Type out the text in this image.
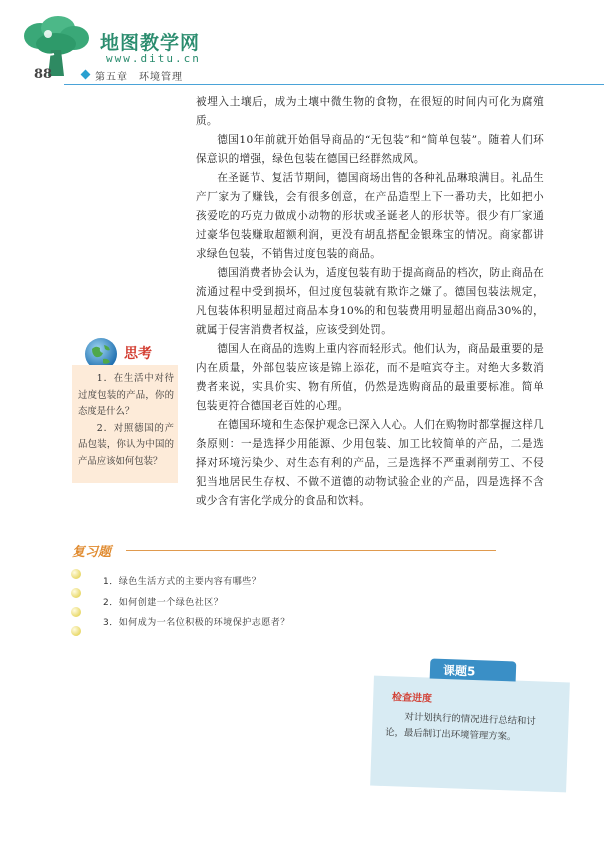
地图教学网
www.ditu.cn
88	第五章　环境管理

被埋入土壤后，成为土壤中微生物的食物，在很短的时间内可化为腐殖质。

德国10年前就开始倡导商品的“无包装”和“简单包装”。随着人们环保意识的增强，绿色包装在德国已经群然成风。

在圣诞节、复活节期间，德国商场出售的各种礼品琳琅满目。礼品生产厂家为了赚钱，会有很多创意，在产品造型上下一番功夫，比如把小孩爱吃的巧克力做成小动物的形状或圣诞老人的形状等。很少有厂家通过豪华包装赚取超额利润，更没有胡乱搭配金银珠宝的情况。商家都讲求绿色包装，不销售过度包装的商品。

德国消费者协会认为，适度包装有助于提高商品的档次，防止商品在流通过程中受到损坏，但过度包装就有欺诈之嫌了。德国包装法规定，凡包装体积明显超过商品本身10%的和包装费用明显超出商品30%的，就属于侵害消费者权益，应该受到处罚。

德国人在商品的选购上重内容而轻形式。他们认为，商品最重要的是内在质量，外部包装应该是锦上添花，而不是喧宾夺主。对绝大多数消费者来说，实具价实、物有所值，仍然是选购商品的最重要标准。简单包装更符合德国老百姓的心理。

在德国环境和生态保护观念已深入人心。人们在购物时都掌握这样几条原则：一是选择少用能源、少用包装、加工比较简单的产品，二是选择对环境污染少、对生态有利的产品，三是选择不严重剥削劳工、不侵犯当地居民生存权、不做不道德的动物试验企业的产品，四是选择不含或少含有害化学成分的食品和饮料。

思考

1．在生活中对待过度包装的产品，你的态度是什么？

2．对照德国的产品包装，你认为中国的产品应该如何包装？

复习题
1．绿色生活方式的主要内容有哪些？
2．如何创建一个绿色社区？
3．如何成为一名位积极的环境保护志愿者？
课题5
检查进度

对计划执行的情况进行总结和讨论，最后制订出环境管理方案。
